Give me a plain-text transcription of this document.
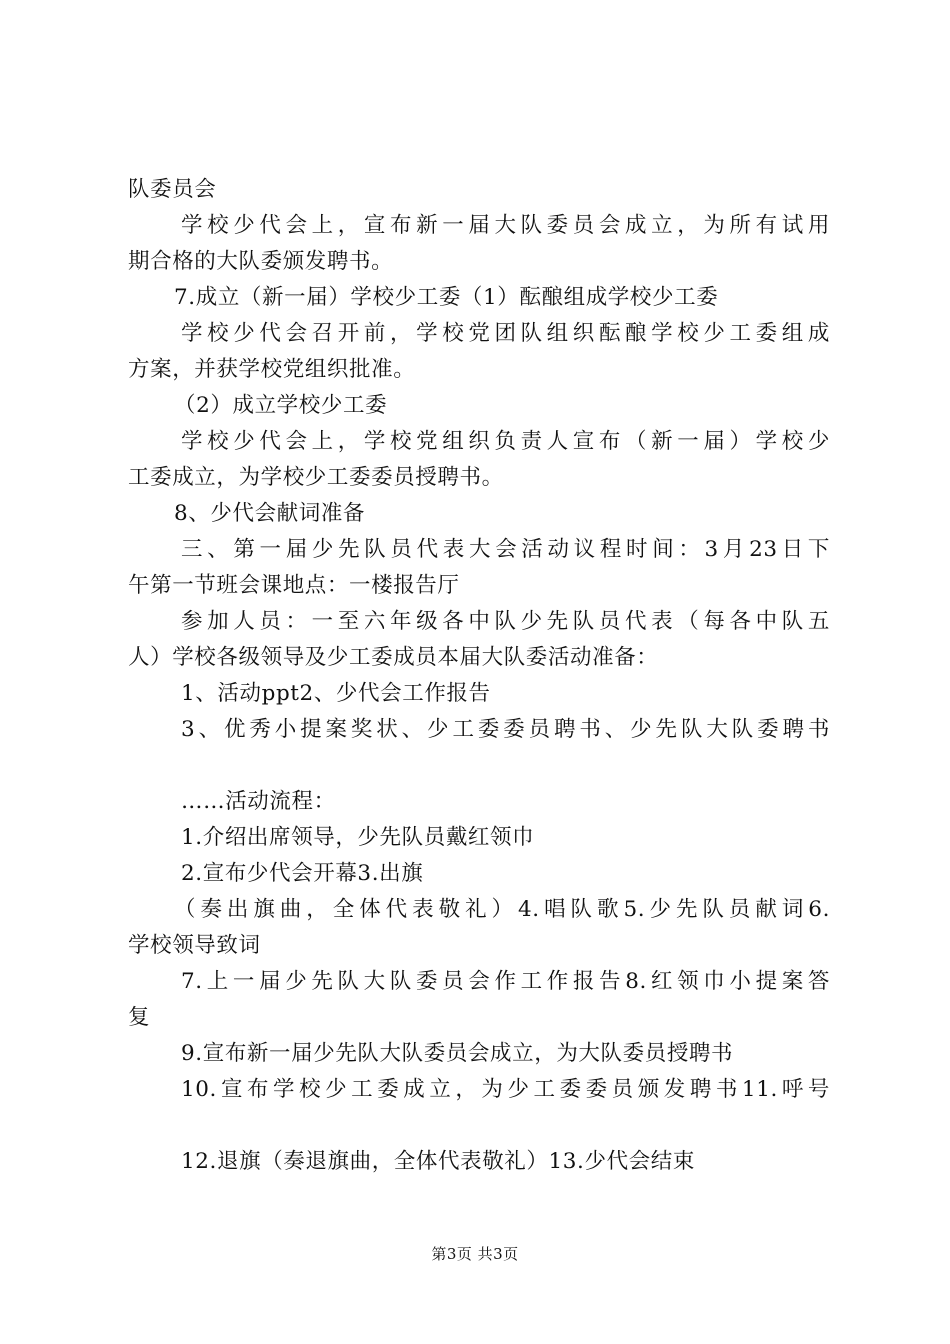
队委员会

学校少代会上，宣布新一届大队委员会成立，为所有试用

期合格的大队委颁发聘书。

7.成立（新一届）学校少工委（1）酝酿组成学校少工委

学校少代会召开前，学校党团队组织酝酿学校少工委组成

方案，并获学校党组织批准。

（2）成立学校少工委

学校少代会上，学校党组织负责人宣布（新一届）学校少

工委成立，为学校少工委委员授聘书。

8、少代会献词准备

三、第一届少先队员代表大会活动议程时间：3月23日下

午第一节班会课地点：一楼报告厅

参加人员：一至六年级各中队少先队员代表（每各中队五

人）学校各级领导及少工委成员本届大队委活动准备：

1、活动ppt2、少代会工作报告

3、优秀小提案奖状、少工委委员聘书、少先队大队委聘书

……活动流程：

1.介绍出席领导，少先队员戴红领巾

2.宣布少代会开幕3.出旗

（奏出旗曲，全体代表敬礼）4.唱队歌5.少先队员献词6.

学校领导致词

7.上一届少先队大队委员会作工作报告8.红领巾小提案答

复

9.宣布新一届少先队大队委员会成立，为大队委员授聘书

10.宣布学校少工委成立，为少工委委员颁发聘书11.呼号

12.退旗（奏退旗曲，全体代表敬礼）13.少代会结束

第3页 共3页
